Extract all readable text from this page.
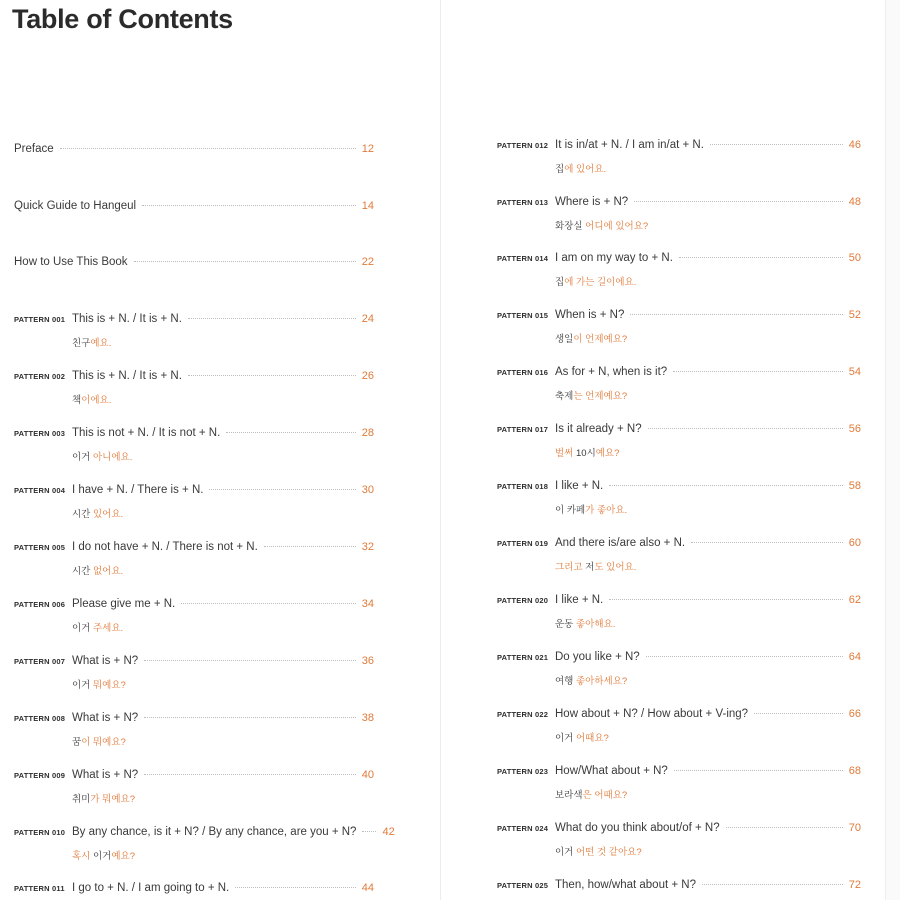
Table of Contents
Preface	12
Quick Guide to Hangeul	14
How to Use This Book	22
PATTERN 001 This is + N. / It is + N.	24
친구예요.
PATTERN 002 This is + N. / It is + N.	26
책이에요.
PATTERN 003 This is not + N. / It is not + N.	28
이거 아니에요.
PATTERN 004 I have + N. / There is + N.	30
시간 있어요.
PATTERN 005 I do not have + N. / There is not + N.	32
시간 없어요.
PATTERN 006 Please give me + N.	34
이거 주세요.
PATTERN 007 What is + N?	36
이거 뭐예요?
PATTERN 008 What is + N?	38
꿈이 뭐예요?
PATTERN 009 What is + N?	40
취미가 뭐예요?
PATTERN 010 By any chance, is it + N? / By any chance, are you + N? 42
혹시 이거예요?
PATTERN 011 I go to + N. / I am going to + N.	44
PATTERN 012 It is in/at + N. / I am in/at + N.	46
집에 있어요.
PATTERN 013 Where is + N?	48
화장실 어디에 있어요?
PATTERN 014 I am on my way to + N.	50
집에 가는 길이에요.
PATTERN 015 When is + N?	52
생일이 언제예요?
PATTERN 016 As for + N, when is it?	54
축제는 언제예요?
PATTERN 017 Is it already + N?	56
벌써 10시예요?
PATTERN 018 I like + N.	58
이 카페가 좋아요.
PATTERN 019 And there is/are also + N.	60
그리고 저도 있어요.
PATTERN 020 I like + N.	62
운동 좋아해요.
PATTERN 021 Do you like + N?	64
여행 좋아하세요?
PATTERN 022 How about + N? / How about + V-ing?	66
이거 어때요?
PATTERN 023 How/What about + N?	68
보라색은 어때요?
PATTERN 024 What do you think about/of + N?	70
이거 어떤 것 같아요?
PATTERN 025 Then, how/what about + N?	72
